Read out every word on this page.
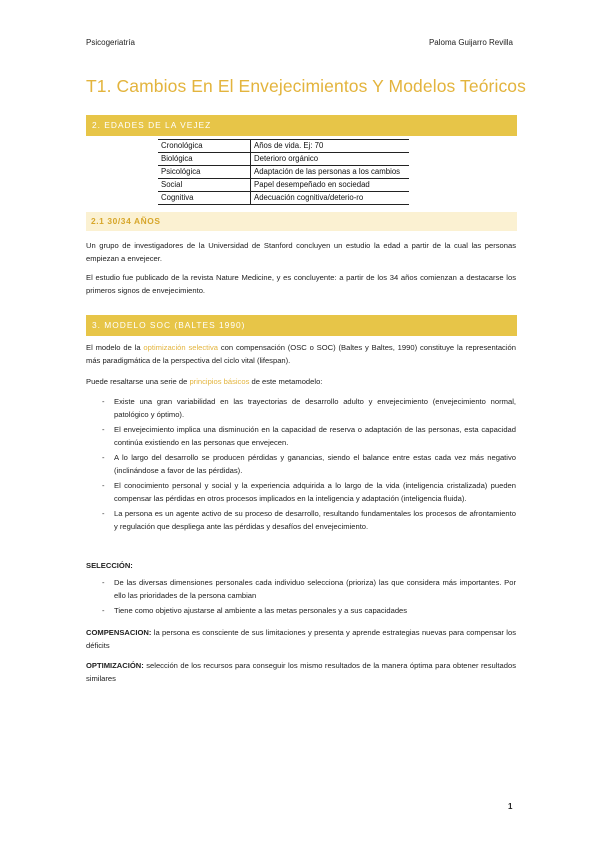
Psicogeriatría	Paloma Guijarro Revilla
T1. Cambios En El Envejecimientos Y Modelos Teóricos
2. EDADES DE LA VEJEZ
Cronológica	Años de vida. Ej: 70
Biológica	Deterioro orgánico
Psicológica	Adaptación de las personas a los cambios
Social	Papel desempeñado en sociedad
Cognitiva	Adecuación cognitiva/deterio-ro
2.1 30/34 AÑOS
Un grupo de investigadores de la Universidad de Stanford concluyen un estudio la edad a partir de la cual las personas empiezan a envejecer.
El estudio fue publicado de la revista Nature Medicine, y es concluyente: a partir de los 34 años comienzan a destacarse los primeros signos de envejecimiento.
3. MODELO SOC (BALTES 1990)
El modelo de la optimización selectiva con compensación (OSC o SOC) (Baltes y Baltes, 1990) constituye la representación más paradigmática de la perspectiva del ciclo vital (lifespan).
Puede resaltarse una serie de principios básicos de este metamodelo:
- Existe una gran variabilidad en las trayectorias de desarrollo adulto y envejecimiento (envejecimiento normal, patológico y óptimo).
- El envejecimiento implica una disminución en la capacidad de reserva o adaptación de las personas, esta capacidad continúa existiendo en las personas que envejecen.
- A lo largo del desarrollo se producen pérdidas y ganancias, siendo el balance entre estas cada vez más negativo (inclinándose a favor de las pérdidas).
- El conocimiento personal y social y la experiencia adquirida a lo largo de la vida (inteligencia cristalizada) pueden compensar las pérdidas en otros procesos implicados en la inteligencia y adaptación (inteligencia fluida).
- La persona es un agente activo de su proceso de desarrollo, resultando fundamentales los procesos de afrontamiento y regulación que despliega ante las pérdidas y desafíos del envejecimiento.
SELECCIÓN:
- De las diversas dimensiones personales cada individuo selecciona (prioriza) las que considera más importantes. Por ello las prioridades de la persona cambian
- Tiene como objetivo ajustarse al ambiente a las metas personales y a sus capacidades
COMPENSACION: la persona es consciente de sus limitaciones y presenta y aprende estrategias nuevas para compensar los déficits
OPTIMIZACIÓN: selección de los recursos para conseguir los mismo resultados de la manera óptima para obtener resultados similares
1
